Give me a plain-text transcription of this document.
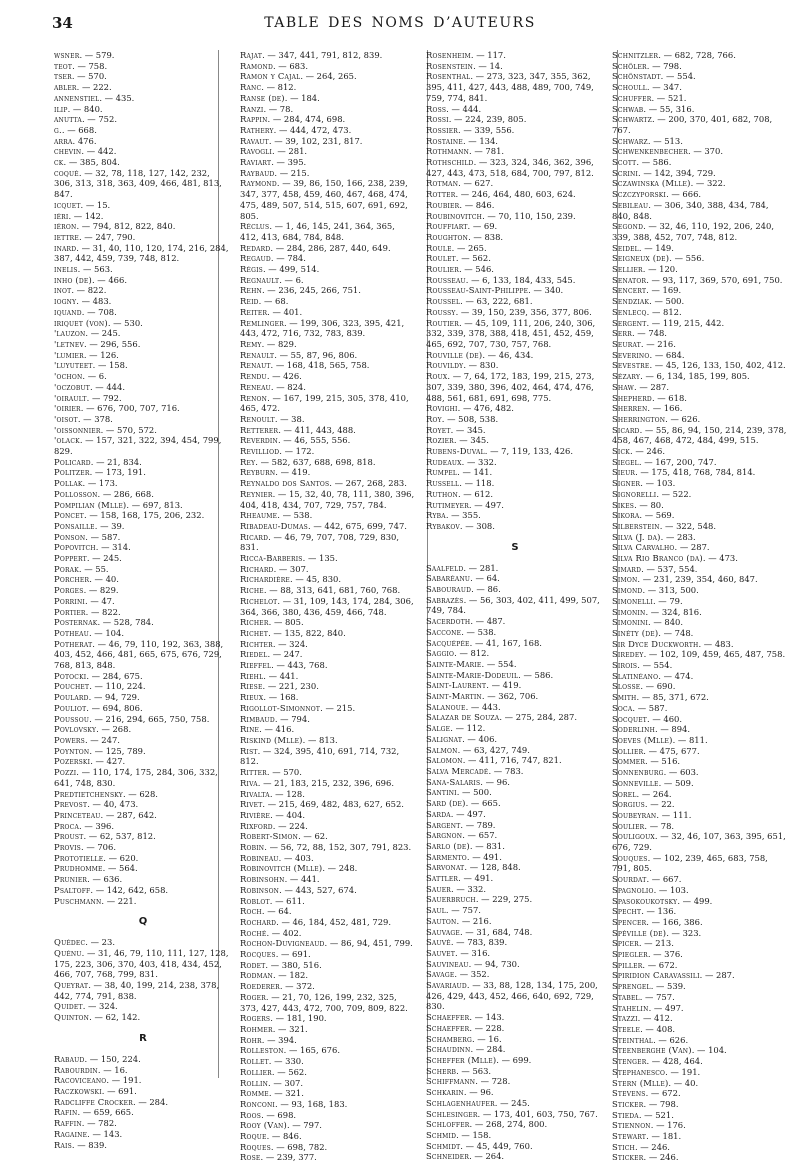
34	TABLE DES NOMS D’AUTEURS
wsner. — 579.
teot. — 758.
tser. — 570.
abler. — 222.
annenstiel. — 435.
ilip. — 840.
anutta. — 752.
g.. — 668.
arra. 476.
chevin. — 442.
ck. — 385, 804.
coqué. — 32, 78, 118, 127, 142, 232, 306, 313, 318, 363, 409, 466, 481, 813, 847.
icquet. — 15.
iéri. — 142.
iéron. — 794, 812, 822, 840.
iettre. — 247, 790.
inard. — 31, 40, 110, 120, 174, 216, 284, 387, 442, 459, 739, 748, 812.
inelis. — 563.
inho (de). — 466.
inot. — 822.
iogny. — 483.
iquand. — 708.
iriquet (von). — 530.
'lauzon. — 245.
'letnev. — 296, 556.
'lumier. — 126.
'luyuteet. — 158.
'ochon. — 6.
'oczobut. — 444.
'oirault. — 792.
'oirier. — 676, 700, 707, 716.
'oisot. — 378.
'oissonnier. — 570, 572.
'olack. — 157, 321, 322, 394, 454, 799, 829.
Policard. — 21, 834.
Politzer. — 173, 191.
Pollak. — 173.
Pollosson. — 286, 668.
Pompilian (Mlle). — 697, 813.
Poncet. — 158, 168, 175, 206, 232.
Ponsaille. — 39.
Ponson. — 587.
Popovitch. — 314.
Poppert. — 245.
Porak. — 55.
Porcher. — 40.
Porges. — 829.
Porrini. — 47.
Portier. — 822.
Posternak. — 528, 784.
Potheau. — 104.
Potherat. — 46, 79, 110, 192, 363, 388, 403, 452, 466, 481, 665, 675, 676, 729, 768, 813, 848.
Potocki. — 284, 675.
Pouchet. — 110, 224.
Poulard. — 94, 729.
Pouliot. — 694, 806.
Poussou. — 216, 294, 665, 750, 758.
Povlovsky. — 268.
Powers. — 247.
Poynton. — 125, 789.
Pozerski. — 427.
Pozzi. — 110, 174, 175, 284, 306, 332, 641, 748, 830.
Predtietchensky. — 628.
Prevost. — 40, 473.
Princeteau. — 287, 642.
Proca. — 396.
Proust. — 62, 537, 812.
Provis. — 706.
Prototielle. — 620.
Prudhomme. — 564.
Prunier. — 636.
Psaltoff. — 142, 642, 658.
Puschmann. — 221.
Q
Quédec. — 23.
Quénu. — 31, 46, 79, 110, 111, 127, 128, 175, 223, 306, 370, 403, 418, 434, 452, 466, 707, 768, 799, 831.
Queyrat. — 38, 40, 199, 214, 238, 378, 442, 774, 791, 838.
Quidet. — 324.
Quinton. — 62, 142.
R
Rabaud. — 150, 224.
Rabourdin. — 16.
Racoviceano. — 191.
Raczkowski. — 691.
Radcliffe Crocker. — 284.
Rafin. — 659, 665.
Raffin. — 782.
Ragaine. — 143.
Rais. — 839.
Rajat. — 347, 441, 791, 812, 839.
Ramond. — 683.
Ramon y Cajal. — 264, 265.
Ranc. — 812.
Ranse (de). — 184.
Ranzi. — 78.
Rappin. — 284, 474, 698.
Rathery. — 444, 472, 473.
Ravaut. — 39, 102, 231, 817.
Ravogli. — 281.
Raviart. — 395.
Raybaud. — 215.
Raymond. — 39, 86, 150, 166, 238, 239, 347, 377, 458, 459, 460, 467, 468, 474, 475, 489, 507, 514, 515, 607, 691, 692, 805.
Réclus. — 1, 46, 145, 241, 364, 365, 412, 413, 684, 784, 848.
Redard. — 284, 286, 287, 440, 649.
Regaud. — 784.
Régis. — 499, 514.
Regnault. — 6.
Rehn. — 236, 245, 266, 751.
Reid. — 68.
Reiter. — 401.
Remlinger. — 199, 306, 323, 395, 421, 443, 472, 716, 732, 783, 839.
Remy. — 829.
Renault. — 55, 87, 96, 806.
Renaut. — 168, 418, 565, 758.
Rendu. — 426.
Reneau. — 824.
Renon. — 167, 199, 215, 305, 378, 410, 465, 472.
Renoult. — 38.
Retterer. — 411, 443, 488.
Reverdin. — 46, 555, 556.
Revilliod. — 172.
Rey. — 582, 637, 688, 698, 818.
Reyburn. — 419.
Reynaldo dos Santos. — 267, 268, 283.
Reynier. — 15, 32, 40, 78, 111, 380, 396, 404, 418, 434, 707, 729, 757, 784.
Rheaume. — 538.
Ribadeau-Dumas. — 442, 675, 699, 747.
Ricard. — 46, 79, 707, 708, 729, 830, 831.
Ricca-Barberis. — 135.
Richard. — 307.
Richardière. — 45, 830.
Riche. — 88, 313, 641, 681, 760, 768.
Richelot. — 31, 109, 143, 174, 284, 306, 364, 366, 380, 436, 459, 466, 748.
Richer. — 805.
Richet. — 135, 822, 840.
Richter. — 324.
Riedel. — 247.
Rieffel. — 443, 768.
Riehl. — 441.
Riese. — 221, 230.
Rieux. — 168.
Rigollot-Simonnot. — 215.
Rimbaud. — 794.
Rine. — 416.
Riskind (Mlle). — 813.
Rist. — 324, 395, 410, 691, 714, 732, 812.
Ritter. — 570.
Riva. — 21, 183, 215, 232, 396, 696.
Rivalta. — 128.
Rivet. — 215, 469, 482, 483, 627, 652.
Rivière. — 404.
Rixford. — 224.
Robert-Simon. — 62.
Robin. — 56, 72, 88, 152, 307, 791, 823.
Robineau. — 403.
Robinovitch (Mlle). — 248.
Robinsohn. — 441.
Robinson. — 443, 527, 674.
Roblot. — 611.
Roch. — 64.
Rochard. — 46, 184, 452, 481, 729.
Roché. — 402.
Rochon-Duvigneaud. — 86, 94, 451, 799.
Rocques. — 691.
Rodet. — 380, 516.
Rodman. — 182.
Roederer. — 372.
Roger. — 21, 70, 126, 199, 232, 325, 373, 427, 443, 472, 700, 709, 809, 822.
Rogers. — 181, 190.
Rohmer. — 321.
Rohr. — 394.
Rolleston. — 165, 676.
Rollet. — 330.
Rollier. — 562.
Rollin. — 307.
Romme. — 321.
Ronconi. — 93, 168, 183.
Roos. — 698.
Rooy (Van). — 797.
Roque. — 846.
Roques. — 698, 782.
Rose. — 239, 377.
Rosenheim. — 117.
Rosenstein. — 14.
Rosenthal. — 273, 323, 347, 355, 362, 395, 411, 427, 443, 488, 489, 700, 749, 759, 774, 841.
Ross. — 444.
Rossi. — 224, 239, 805.
Rossier. — 339, 556.
Rostaine. — 134.
Rothmann. — 781.
Rothschild. — 323, 324, 346, 362, 396, 427, 443, 473, 518, 684, 700, 797, 812.
Rotman. — 627.
Rotter. — 246, 464, 480, 603, 624.
Roubier. — 846.
Roubinovitch. — 70, 110, 150, 239.
Rouffiart. — 69.
Roughton. — 838.
Roule. — 265.
Roulet. — 562.
Roulier. — 546.
Rousseau. — 6, 133, 184, 433, 545.
Rousseau-Saint-Philippe. — 340.
Roussel. — 63, 222, 681.
Roussy. — 39, 150, 239, 356, 377, 806.
Routier. — 45, 109, 111, 206, 240, 306, 332, 339, 378, 388, 418, 451, 452, 459, 465, 692, 707, 730, 757, 768.
Rouville (de). — 46, 434.
Rouvildy. — 830.
Roux. — 7, 64, 172, 183, 199, 215, 273, 307, 339, 380, 396, 402, 464, 474, 476, 488, 561, 681, 691, 698, 775.
Rovighi. — 476, 482.
Roy. — 508, 538.
Royet. — 345.
Rozier. — 345.
Rubens-Duval. — 7, 119, 133, 426.
Rudeaux. — 332.
Rumpel. — 141.
Russell. — 118.
Ruthon. — 612.
Rutimeyer. — 497.
Ryba. — 355.
Rybakov. — 308.
S
Saalfeld. — 281.
Sabaréanu. — 64.
Sabouraud. — 86.
Sabrazès. — 56, 303, 402, 411, 499, 507, 749, 784.
Sacerdoth. — 487.
Saccone. — 538.
Sacquépée. — 41, 167, 168.
Saggio. — 812.
Sainte-Marie. — 554.
Sainte-Marie-Dodeuil. — 586.
Saint-Laurent. — 419.
Saint-Martin. — 362, 706.
Salanoue. — 443.
Salazar de Souza. — 275, 284, 287.
Salge. — 112.
Salignat. — 406.
Salmon. — 63, 427, 749.
Salomon. — 411, 716, 747, 821.
Salva Mercadé. — 783.
Sana-Salaris. — 96.
Santini. — 500.
Sard (de). — 665.
Sarda. — 497.
Sargent. — 789.
Sargnon. — 657.
Sarlo (de). — 831.
Sarmento. — 491.
Sarvonat. — 128, 848.
Sattler. — 491.
Sauer. — 332.
Sauerbruch. — 229, 275.
Saul. — 757.
Sauton. — 216.
Sauvage. — 31, 684, 748.
Sauvé. — 783, 839.
Sauvet. — 316.
Sauvineau. — 94, 730.
Savage. — 352.
Savariaud. — 33, 88, 128, 134, 175, 200, 426, 429, 443, 452, 466, 640, 692, 729, 830.
Schaeffer. — 143.
Schaeffer. — 228.
Schamberg. — 16.
Schaudinn. — 284.
Scheffer (Mlle). — 699.
Scherb. — 563.
Schiffmann. — 728.
Schkarin. — 96.
Schlagenhaufer. — 245.
Schlesinger. — 173, 401, 603, 750, 767.
Schloffer. — 268, 274, 800.
Schmid. — 158.
Schmidt. — 45, 449, 760.
Schneider. — 264.
Schnitzler. — 682, 728, 766.
Schöler. — 798.
Schönstadt. — 554.
Schoull. — 347.
Schuffer. — 521.
Schwab. — 55, 316.
Schwartz. — 200, 370, 401, 682, 708, 767.
Schwarz. — 513.
Schwenkenbecher. — 370.
Scott. — 586.
Scrini. — 142, 394, 729.
Sczawinska (Mlle). — 322.
Sczczyporski. — 666.
Sebileau. — 306, 340, 388, 434, 784, 840, 848.
Segond. — 32, 46, 110, 192, 206, 240, 339, 388, 452, 707, 748, 812.
Seidel. — 149.
Seigneux (de). — 556.
Sellier. — 120.
Senator. — 93, 117, 369, 570, 691, 750.
Sencert. — 169.
Sendziak. — 500.
Senlecq. — 812.
Sergent. — 119, 215, 442.
Serr. — 748.
Seurat. — 216.
Severino. — 684.
Sevestre. — 45, 126, 133, 150, 402, 412.
Sézary. — 6, 134, 185, 199, 805.
Shaw. — 287.
Shepherd. — 618.
Sherren. — 166.
Sherrington. — 626.
Sicard. — 55, 86, 94, 150, 214, 239, 378, 458, 467, 468, 472, 484, 499, 515.
Sick. — 246.
Siegel. — 167, 200, 747.
Sieur. — 175, 418, 768, 784, 814.
Signer. — 103.
Signorelli. — 522.
Sikes. — 80.
Sikora. — 569.
Silberstein. — 322, 548.
Silva (J. da). — 283.
Silva Carvalho. — 287.
Silva Rio Branco (da). — 473.
Simard. — 537, 554.
Simon. — 231, 239, 354, 460, 847.
Simond. — 313, 500.
Simonelli. — 79.
Simonin. — 324, 816.
Simonini. — 840.
Sinéty (de). — 748.
Sir Dyce Duckworth. — 483.
Siredey. — 102, 109, 459, 465, 487, 758.
Sirois. — 554.
Slatinéano. — 474.
Slosse. — 690.
Smith. — 85, 371, 672.
Soca. — 587.
Socquet. — 460.
Soderlinh. — 894.
Soeves (Mlle). — 811.
Sollier. — 475, 677.
Sommer. — 516.
Sonnenburg. — 603.
Sonneville. — 509.
Sorel. — 264.
Sorgius. — 22.
Soubeyran. — 111.
Soulier. — 78.
Souligoux. — 32, 46, 107, 363, 395, 651, 676, 729.
Souques. — 102, 239, 465, 683, 758, 791, 805.
Sourdat. — 667.
Spagnolio. — 103.
Spasokoukotsky. — 499.
Specht. — 136.
Spencer. — 166, 386.
Spéville (de). — 323.
Spicer. — 213.
Spiegler. — 376.
Spiller. — 672.
Spiridion Caravassili. — 287.
Sprengel. — 539.
Stabel. — 757.
Stahelin. — 497.
Stazzi. — 412.
Steele. — 408.
Steinthal. — 626.
Steenberghe (Van). — 104.
Stenger. — 428, 464.
Stephanesco. — 191.
Stern (Mlle). — 40.
Stevens. — 672.
Sticker. — 798.
Stieda. — 521.
Stiennon. — 176.
Stewart. — 181.
Stich. — 246.
Sticker. — 246.
